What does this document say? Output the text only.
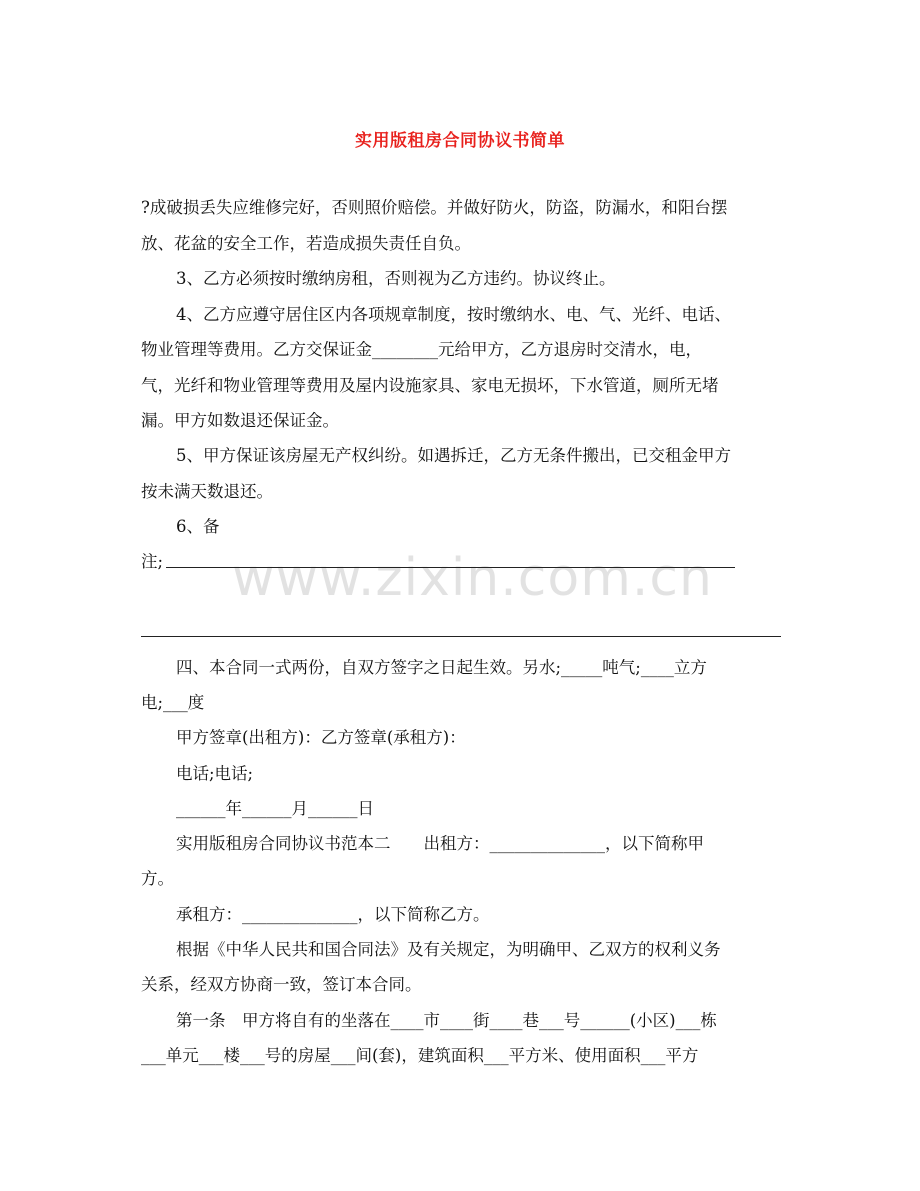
实用版租房合同协议书简单
www.zixin.com.cn
?成破损丢失应维修完好，否则照价赔偿。并做好防火，防盗，防漏水，和阳台摆
放、花盆的安全工作，若造成损失责任自负。
3、乙方必须按时缴纳房租，否则视为乙方违约。协议终止。
4、乙方应遵守居住区内各项规章制度，按时缴纳水、电、气、光纤、电话、
物业管理等费用。乙方交保证金________元给甲方，乙方退房时交清水，电，
气，光纤和物业管理等费用及屋内设施家具、家电无损坏，下水管道，厕所无堵
漏。甲方如数退还保证金。
5、甲方保证该房屋无产权纠纷。如遇拆迁，乙方无条件搬出，已交租金甲方
按未满天数退还。
6、备
注;
四、本合同一式两份，自双方签字之日起生效。另水;_____吨气;____立方
电;___度
甲方签章(出租方)：乙方签章(承租方)：
电话;电话;
______年______月______日
实用版租房合同协议书范本二　　出租方：______________，以下简称甲
方。
承租方：______________，以下简称乙方。
根据《中华人民共和国合同法》及有关规定，为明确甲、乙双方的权利义务
关系，经双方协商一致，签订本合同。
第一条　甲方将自有的坐落在____市____街____巷___号______(小区)___栋
___单元___楼___号的房屋___间(套)，建筑面积___平方米、使用面积___平方
